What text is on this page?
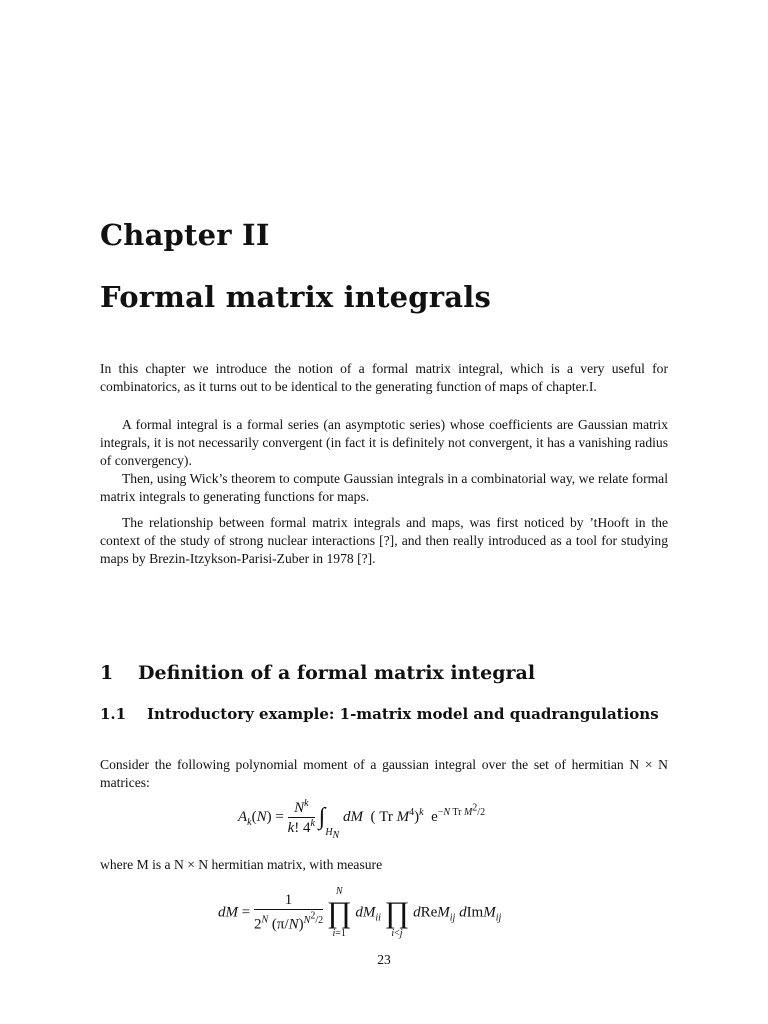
Chapter II
Formal matrix integrals

In this chapter we introduce the notion of a formal matrix integral, which is a very useful for combinatorics, as it turns out to be identical to the generating function of maps of chapter.I.

A formal integral is a formal series (an asymptotic series) whose coefficients are Gaussian matrix integrals, it is not necessarily convergent (in fact it is definitely not convergent, it has a vanishing radius of convergency).

Then, using Wick’s theorem to compute Gaussian integrals in a combinatorial way, we relate formal matrix integrals to generating functions for maps.

The relationship between formal matrix integrals and maps, was first noticed by ’tHooft in the context of the study of strong nuclear interactions [?], and then really introduced as a tool for studying maps by Brezin-Itzykson-Parisi-Zuber in 1978 [?].

1 Definition of a formal matrix integral
1.1	Introductory example: 1-matrix model and quadrangulations

Consider the following polynomial moment of a gaussian integral over the set of hermitian N × N matrices:

$A_k(N) = \frac{N^k}{k! 4^k} \int_{H_N}$ dM  ( Tr $M^4)^k$  $e^{-N Tr M^2/2}$

where M is a N × N hermitian matrix, with measure

dM = $\frac{1}{2^N (\pi/N)^{N^2/2}}$

N
∏
i=1
$dM_{ii}$
∏
i<j
dReM$_{ij}$ dImM$_{ij}$
23
